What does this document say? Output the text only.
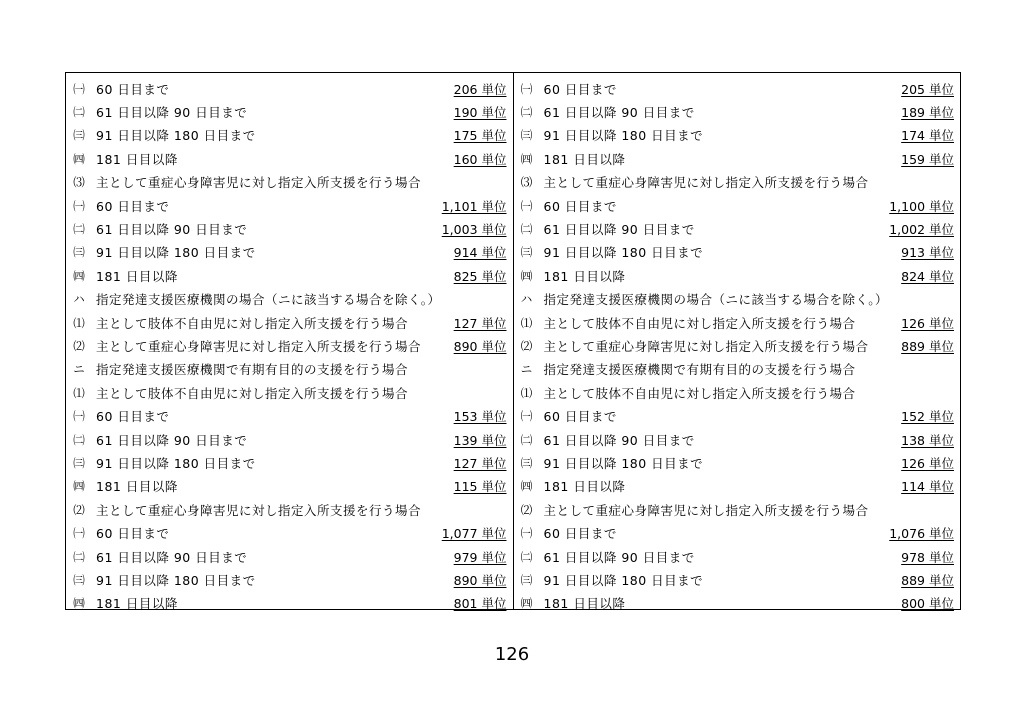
㈠ 60 日目まで	206 単位
㈡ 61 日目以降 90 日目まで	190 単位
㈢ 91 日目以降 180 日目まで	175 単位
㈣ 181 日目以降	160 単位
⑶ 主として重症心身障害児に対し指定入所支援を行う場合
㈠ 60 日目まで	1,101 単位
㈡ 61 日目以降 90 日目まで	1,003 単位
㈢ 91 日目以降 180 日目まで	914 単位
㈣ 181 日目以降	825 単位
ハ 指定発達支援医療機関の場合（ニに該当する場合を除く。）
⑴ 主として肢体不自由児に対し指定入所支援を行う場合	127 単位
⑵ 主として重症心身障害児に対し指定入所支援を行う場合	890 単位
ニ 指定発達支援医療機関で有期有目的の支援を行う場合
⑴ 主として肢体不自由児に対し指定入所支援を行う場合
㈠ 60 日目まで	153 単位
㈡ 61 日目以降 90 日目まで	139 単位
㈢ 91 日目以降 180 日目まで	127 単位
㈣ 181 日目以降	115 単位
⑵ 主として重症心身障害児に対し指定入所支援を行う場合
㈠ 60 日目まで	1,077 単位
㈡ 61 日目以降 90 日目まで	979 単位
㈢ 91 日目以降 180 日目まで	890 単位
㈣ 181 日目以降	801 単位
㈠ 60 日目まで	205 単位
㈡ 61 日目以降 90 日目まで	189 単位
㈢ 91 日目以降 180 日目まで	174 単位
㈣ 181 日目以降	159 単位
⑶ 主として重症心身障害児に対し指定入所支援を行う場合
㈠ 60 日目まで	1,100 単位
㈡ 61 日目以降 90 日目まで	1,002 単位
㈢ 91 日目以降 180 日目まで	913 単位
㈣ 181 日目以降	824 単位
ハ 指定発達支援医療機関の場合（ニに該当する場合を除く。）
⑴ 主として肢体不自由児に対し指定入所支援を行う場合	126 単位
⑵ 主として重症心身障害児に対し指定入所支援を行う場合	889 単位
ニ 指定発達支援医療機関で有期有目的の支援を行う場合
⑴ 主として肢体不自由児に対し指定入所支援を行う場合
㈠ 60 日目まで	152 単位
㈡ 61 日目以降 90 日目まで	138 単位
㈢ 91 日目以降 180 日目まで	126 単位
㈣ 181 日目以降	114 単位
⑵ 主として重症心身障害児に対し指定入所支援を行う場合
㈠ 60 日目まで	1,076 単位
㈡ 61 日目以降 90 日目まで	978 単位
㈢ 91 日目以降 180 日目まで	889 単位
㈣ 181 日目以降	800 単位
126
